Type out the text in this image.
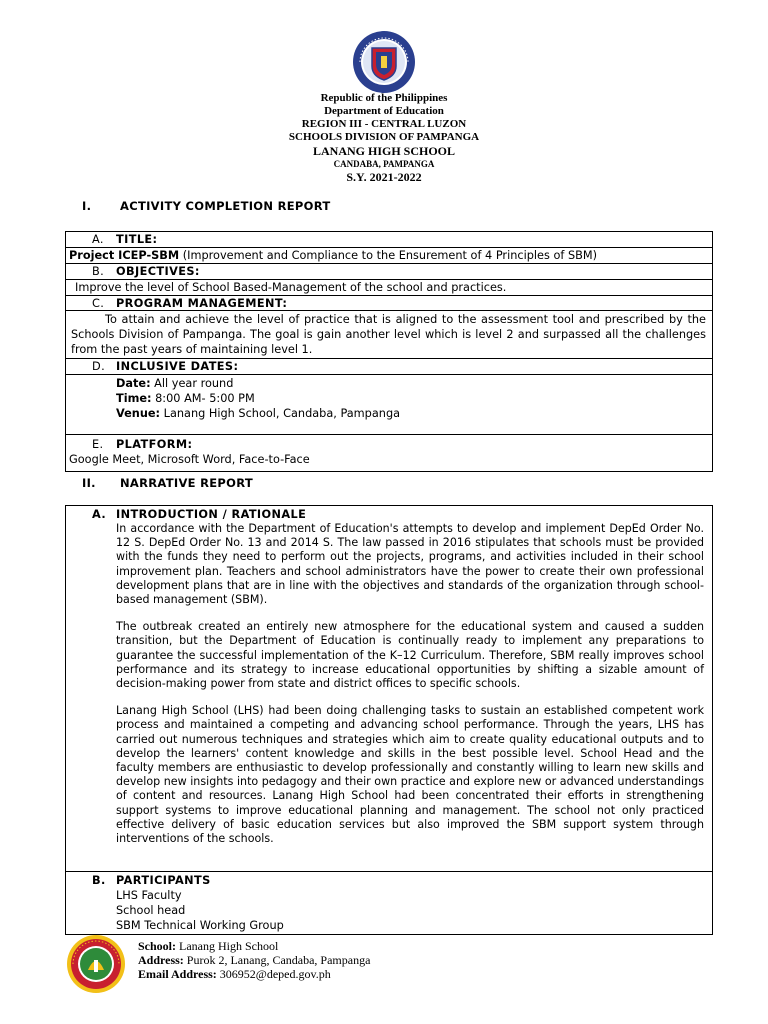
Republic of the Philippines
Department of Education
REGION III - CENTRAL LUZON
SCHOOLS DIVISION OF PAMPANGA
LANANG HIGH SCHOOL
CANDABA, PAMPANGA
S.Y. 2021-2022
I.	ACTIVITY COMPLETION REPORT
A. TITLE:
Project ICEP-SBM (Improvement and Compliance to the Ensurement of 4 Principles of SBM)
B. OBJECTIVES:
Improve the level of School Based-Management of the school and practices.
C. PROGRAM MANAGEMENT:
To attain and achieve the level of practice that is aligned to the assessment tool and prescribed by the Schools Division of Pampanga. The goal is gain another level which is level 2 and surpassed all the challenges from the past years of maintaining level 1.
D. INCLUSIVE DATES:
Date: All year round
Time: 8:00 AM- 5:00 PM
Venue: Lanang High School, Candaba, Pampanga
E. PLATFORM:
Google Meet, Microsoft Word, Face-to-Face
II. NARRATIVE REPORT
A. INTRODUCTION / RATIONALE

In accordance with the Department of Education's attempts to develop and implement DepEd Order No. 12 S. DepEd Order No. 13 and 2014 S. The law passed in 2016 stipulates that schools must be provided with the funds they need to perform out the projects, programs, and activities included in their school improvement plan. Teachers and school administrators have the power to create their own professional development plans that are in line with the objectives and standards of the organization through school-based management (SBM).

The outbreak created an entirely new atmosphere for the educational system and caused a sudden transition, but the Department of Education is continually ready to implement any preparations to guarantee the successful implementation of the K–12 Curriculum. Therefore, SBM really improves school performance and its strategy to increase educational opportunities by shifting a sizable amount of decision-making power from state and district offices to specific schools.

Lanang High School (LHS) had been doing challenging tasks to sustain an established competent work process and maintained a competing and advancing school performance. Through the years, LHS has carried out numerous techniques and strategies which aim to create quality educational outputs and to develop the learners' content knowledge and skills in the best possible level. School Head and the faculty members are enthusiastic to develop professionally and constantly willing to learn new skills and develop new insights into pedagogy and their own practice and explore new or advanced understandings of content and resources. Lanang High School had been concentrated their efforts in strengthening support systems to improve educational planning and management. The school not only practiced effective delivery of basic education services but also improved the SBM support system through interventions of the schools.

B. PARTICIPANTS
LHS Faculty
School head
SBM Technical Working Group
School: Lanang High School
Address: Purok 2, Lanang, Candaba, Pampanga
Email Address: 306952@deped.gov.ph
